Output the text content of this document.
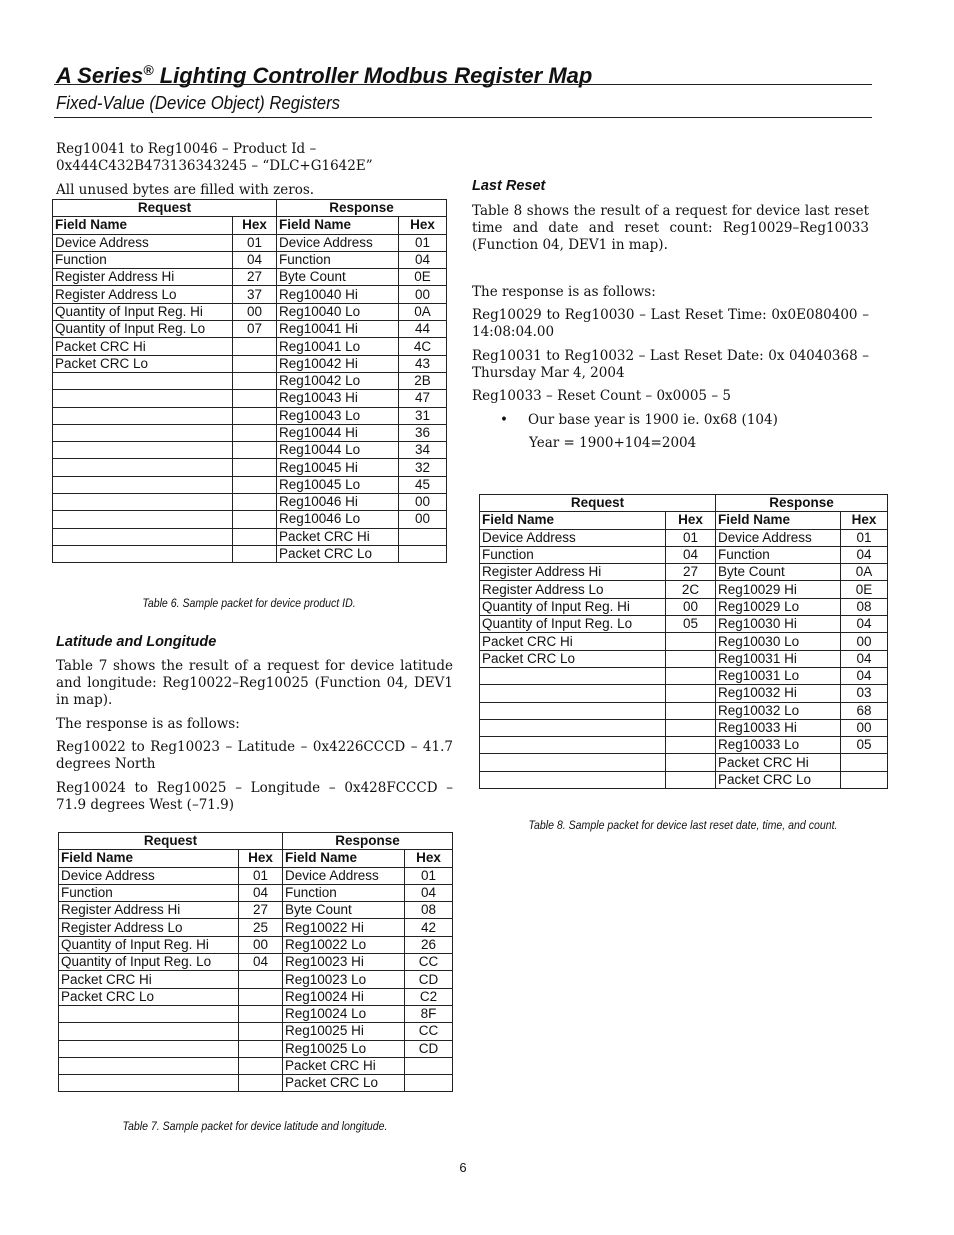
A Series® Lighting Controller Modbus Register Map
Fixed-Value (Device Object) Registers
Reg10041 to Reg10046 – Product Id –
0x444C432B473136343245 – “DLC+G1642E”
All unused bytes are filled with zeros.
Request		Response	
Field Name	Hex	Field Name	Hex
Device Address	01	Device Address	01
Function	04	Function	04
Register Address Hi	27	Byte Count	0E
Register Address Lo	37	Reg10040 Hi	00
Quantity of Input Reg. Hi	00	Reg10040 Lo	0A
Quantity of Input Reg. Lo	07	Reg10041 Hi	44
Packet CRC Hi		Reg10041 Lo	4C
Packet CRC Lo		Reg10042 Hi	43
		Reg10042 Lo	2B
		Reg10043 Hi	47
		Reg10043 Lo	31
		Reg10044 Hi	36
		Reg10044 Lo	34
		Reg10045 Hi	32
		Reg10045 Lo	45
		Reg10046 Hi	00
		Reg10046 Lo	00
		Packet CRC Hi	
		Packet CRC Lo	
Table 6. Sample packet for device product ID.
Latitude and Longitude
Table 7 shows the result of a request for device latitude and longitude: Reg10022–Reg10025 (Function 04, DEV1 in map).
The response is as follows:
Reg10022 to Reg10023 – Latitude – 0x4226CCCD – 41.7 degrees North
Reg10024 to Reg10025 – Longitude – 0x428FCCCD – 71.9 degrees West (–71.9)
Request		Response	
Field Name	Hex	Field Name	Hex
Device Address	01	Device Address	01
Function	04	Function	04
Register Address Hi	27	Byte Count	08
Register Address Lo	25	Reg10022 Hi	42
Quantity of Input Reg. Hi	00	Reg10022 Lo	26
Quantity of Input Reg. Lo	04	Reg10023 Hi	CC
Packet CRC Hi		Reg10023 Lo	CD
Packet CRC Lo		Reg10024 Hi	C2
		Reg10024 Lo	8F
		Reg10025 Hi	CC
		Reg10025 Lo	CD
		Packet CRC Hi	
		Packet CRC Lo	
Table 7. Sample packet for device latitude and longitude.
Last Reset
Table 8 shows the result of a request for device last reset time and date and reset count: Reg10029–Reg10033 (Function 04, DEV1 in map).
The response is as follows:
Reg10029 to Reg10030 – Last Reset Time: 0x0E080400 – 14:08:04.00
Reg10031 to Reg10032 – Last Reset Date: 0x 04040368 – Thursday Mar 4, 2004
Reg10033 – Reset Count – 0x0005 – 5
• Our base year is 1900 ie. 0x68 (104)
Year = 1900+104=2004
Request		Response	
Field Name	Hex	Field Name	Hex
Device Address	01	Device Address	01
Function	04	Function	04
Register Address Hi	27	Byte Count	0A
Register Address Lo	2C	Reg10029 Hi	0E
Quantity of Input Reg. Hi	00	Reg10029 Lo	08
Quantity of Input Reg. Lo	05	Reg10030 Hi	04
Packet CRC Hi		Reg10030 Lo	00
Packet CRC Lo		Reg10031 Hi	04
		Reg10031 Lo	04
		Reg10032 Hi	03
		Reg10032 Lo	68
		Reg10033 Hi	00
		Reg10033 Lo	05
		Packet CRC Hi	
		Packet CRC Lo	
Table 8. Sample packet for device last reset date, time, and count.
6
